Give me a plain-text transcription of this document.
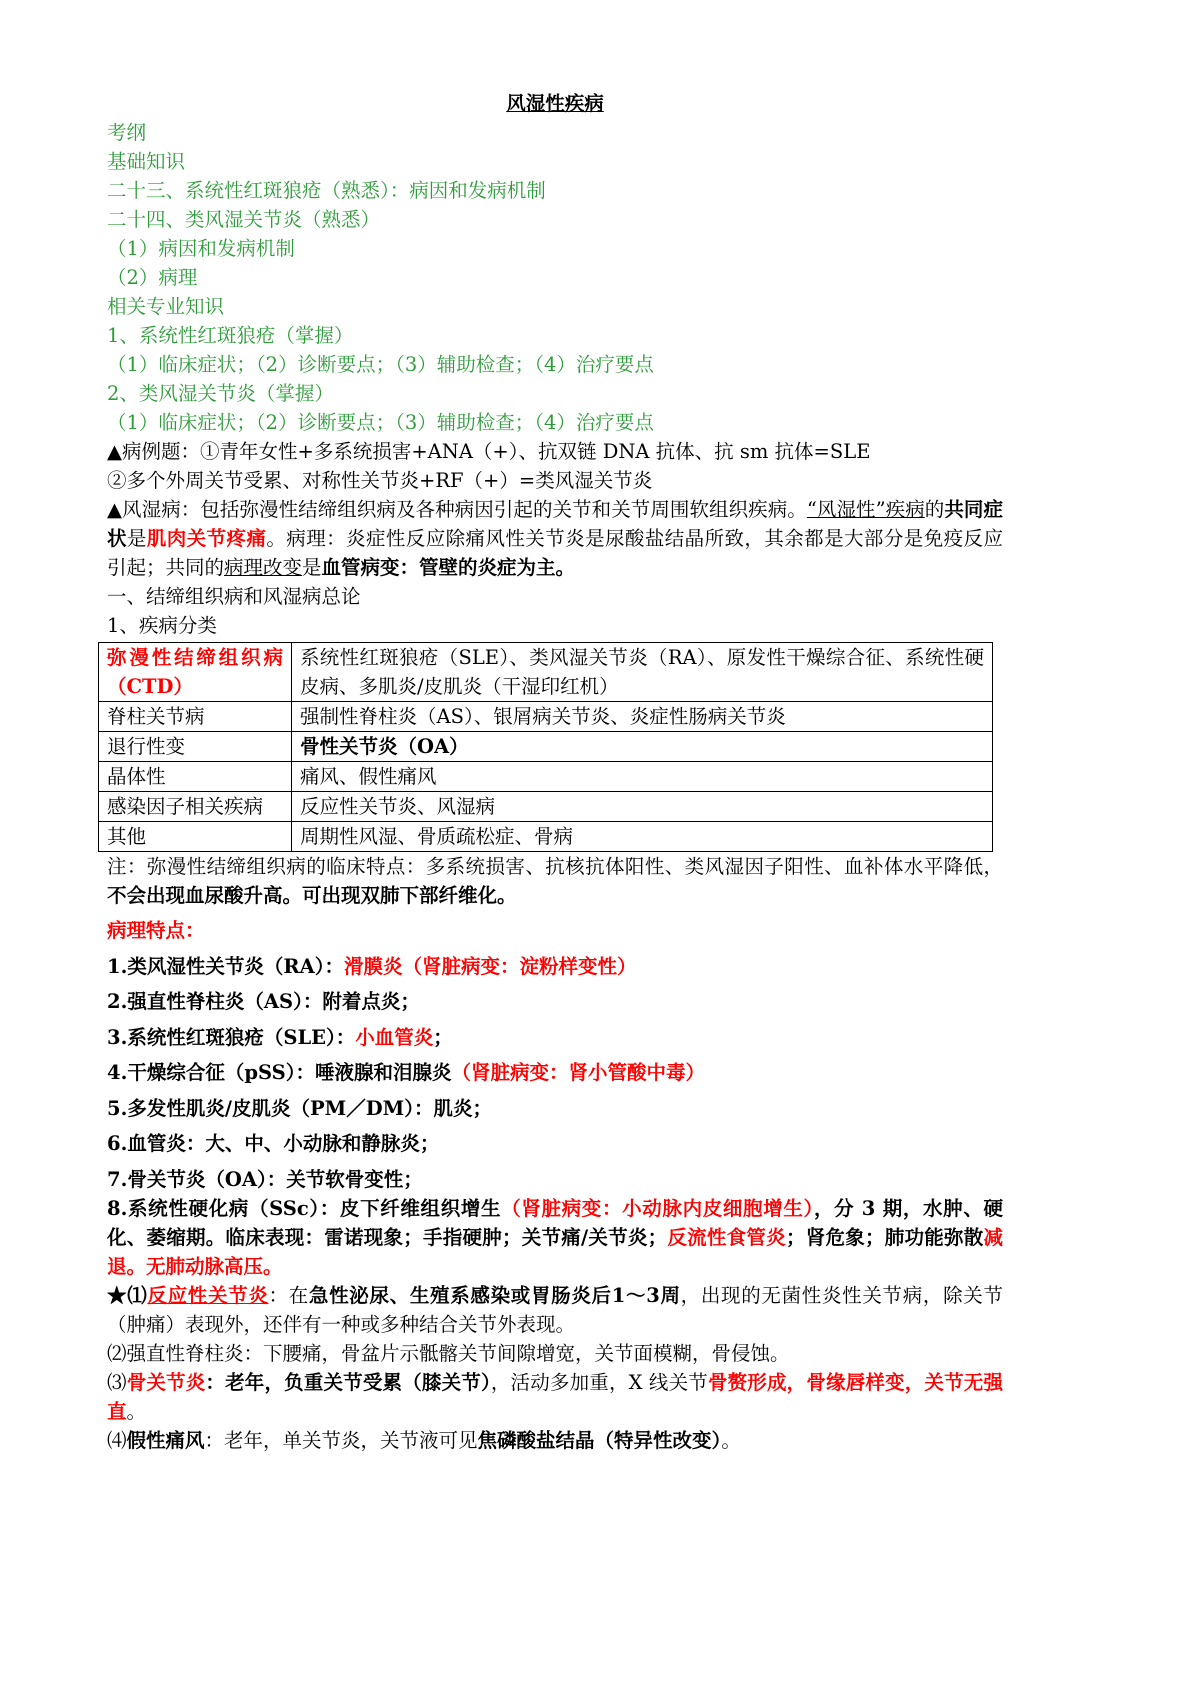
风湿性疾病

考纲

基础知识

二十三、系统性红斑狼疮（熟悉）：病因和发病机制

二十四、类风湿关节炎（熟悉）

（1）病因和发病机制

（2）病理

相关专业知识

1、系统性红斑狼疮（掌握）

（1）临床症状；（2）诊断要点；（3）辅助检查；（4）治疗要点

2、类风湿关节炎（掌握）

（1）临床症状；（2）诊断要点；（3）辅助检查；（4）治疗要点

▲病例题：①青年女性+多系统损害+ANA（+）、抗双链 DNA 抗体、抗 sm 抗体=SLE

②多个外周关节受累、对称性关节炎+RF（+）=类风湿关节炎

▲风湿病：包括弥漫性结缔组织病及各种病因引起的关节和关节周围软组织疾病。“风湿性”疾病的共同症状是肌肉关节疼痛。病理：炎症性反应除痛风性关节炎是尿酸盐结晶所致，其余都是大部分是免疫反应引起；共同的病理改变是血管病变：管壁的炎症为主。

一、结缔组织病和风湿病总论

1、疾病分类

弥漫性结缔组织病（CTD）	系统性红斑狼疮（SLE）、类风湿关节炎（RA）、原发性干燥综合征、系统性硬皮病、多肌炎/皮肌炎（干湿印红机）
脊柱关节病	强制性脊柱炎（AS）、银屑病关节炎、炎症性肠病关节炎
退行性变	骨性关节炎（OA）
晶体性	痛风、假性痛风
感染因子相关疾病	反应性关节炎、风湿病
其他	周期性风湿、骨质疏松症、骨病

注：弥漫性结缔组织病的临床特点：多系统损害、抗核抗体阳性、类风湿因子阳性、血补体水平降低，不会出现血尿酸升高。可出现双肺下部纤维化。

病理特点：

1.类风湿性关节炎（RA）：滑膜炎（肾脏病变：淀粉样变性）

2.强直性脊柱炎（AS）：附着点炎；

3.系统性红斑狼疮（SLE）：小血管炎；

4.干燥综合征（pSS）：唾液腺和泪腺炎（肾脏病变：肾小管酸中毒）

5.多发性肌炎/皮肌炎（PM／DM）：肌炎；

6.血管炎：大、中、小动脉和静脉炎；

7.骨关节炎（OA）：关节软骨变性；

8.系统性硬化病（SSc）：皮下纤维组织增生（肾脏病变：小动脉内皮细胞增生），分 3 期，水肿、硬化、萎缩期。临床表现：雷诺现象；手指硬肿；关节痛/关节炎；反流性食管炎；肾危象；肺功能弥散减退。无肺动脉高压。

★⑴反应性关节炎：在急性泌尿、生殖系感染或胃肠炎后1～3周，出现的无菌性炎性关节病，除关节（肿痛）表现外，还伴有一种或多种结合关节外表现。

⑵强直性脊柱炎：下腰痛，骨盆片示骶髂关节间隙增宽，关节面模糊，骨侵蚀。

⑶骨关节炎：老年，负重关节受累（膝关节），活动多加重，X 线关节骨赘形成，骨缘唇样变，关节无强直。

⑷假性痛风：老年，单关节炎，关节液可见焦磷酸盐结晶（特异性改变）。
